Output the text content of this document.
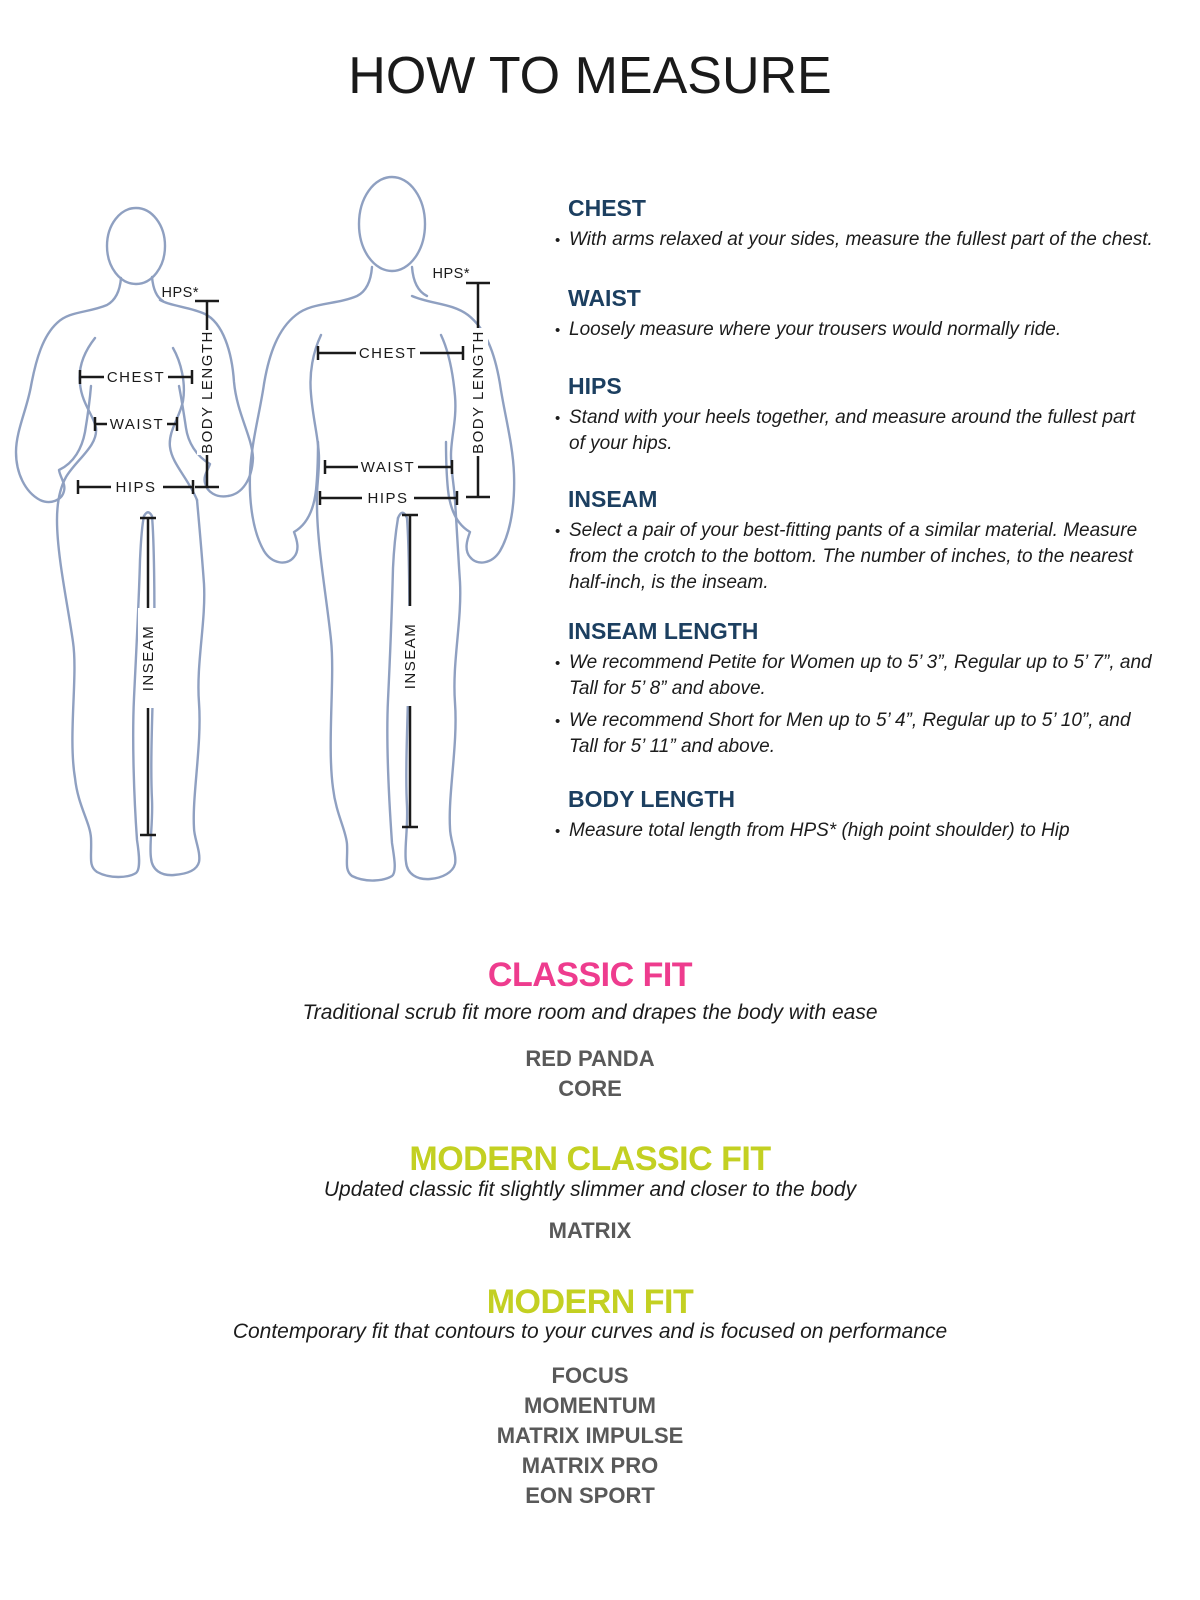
HOW TO MEASURE
CHEST
WAIST
HIPS
HPS*
BODY LENGTH
INSEAM
CHEST
WAIST
HIPS
HPS*
BODY LENGTH
INSEAM
CHEST
• With arms relaxed at your sides, measure the fullest part of the chest.
WAIST
• Loosely measure where your trousers would normally ride.
HIPS
• Stand with your heels together, and measure around the fullest part of your hips.
INSEAM
• Select a pair of your best-fitting pants of a similar material. Measure from the crotch to the bottom. The number of inches, to the nearest half-inch, is the inseam.
INSEAM LENGTH
• We recommend Petite for Women up to 5’ 3”, Regular up to 5’ 7”, and Tall for 5’ 8” and above.
• We recommend Short for Men up to 5’ 4”, Regular up to 5’ 10”, and Tall for 5’ 11” and above.
BODY LENGTH
• Measure total length from HPS* (high point shoulder) to Hip
CLASSIC FIT
Traditional scrub fit more room and drapes the body with ease
RED PANDA
CORE
MODERN CLASSIC FIT
Updated classic fit slightly slimmer and closer to the body
MATRIX
MODERN FIT
Contemporary fit that contours to your curves and is focused on performance
FOCUS
MOMENTUM
MATRIX IMPULSE
MATRIX PRO
EON SPORT
